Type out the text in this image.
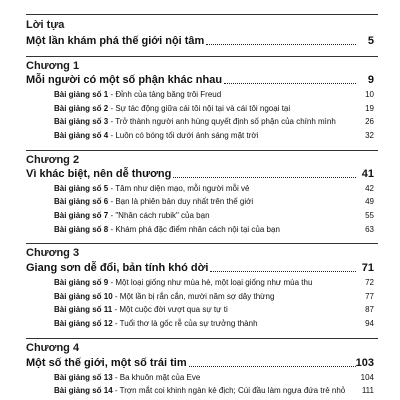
Lời tựa
Một lần khám phá thế giới nội tâm	5
Chương 1
Mỗi người có một số phận khác nhau	9
Bài giảng số 1 - Đỉnh của tảng băng trôi Freud	10
Bài giảng số 2 - Sự tác động giữa cái tôi nội tại và cái tôi ngoại tại	19
Bài giảng số 3 - Trở thành người anh hùng quyết định số phận của chính mình	26
Bài giảng số 4 - Luôn có bóng tối dưới ánh sáng mặt trời	32
Chương 2
Vì khác biệt, nên dễ thương	41
Bài giảng số 5 - Tâm như diện mạo, mỗi người mỗi vẻ	42
Bài giảng số 6 - Bạn là phiên bản duy nhất trên thế giới	49
Bài giảng số 7 - "Nhân cách rubik" của bạn	55
Bài giảng số 8 - Khám phá đặc điểm nhân cách nội tại của bạn	63
Chương 3
Giang sơn dễ đổi, bản tính khó dời	71
Bài giảng số 9 - Một loại giống như mùa hè, một loại giống như mùa thu	72
Bài giảng số 10 - Một lần bị rắn cắn, mười năm sợ dây thừng	77
Bài giảng số 11 - Một cuộc đời vượt qua sự tự ti	87
Bài giảng số 12 - Tuổi thơ là gốc rễ của sự trưởng thành	94
Chương 4
Một số thế giới, một số trái tim	103
Bài giảng số 13 - Ba khuôn mặt của Eve	104
Bài giảng số 14 - Trợn mắt coi khinh ngàn kẻ địch; Cúi đầu làm ngựa đứa trẻ nhỏ 111
